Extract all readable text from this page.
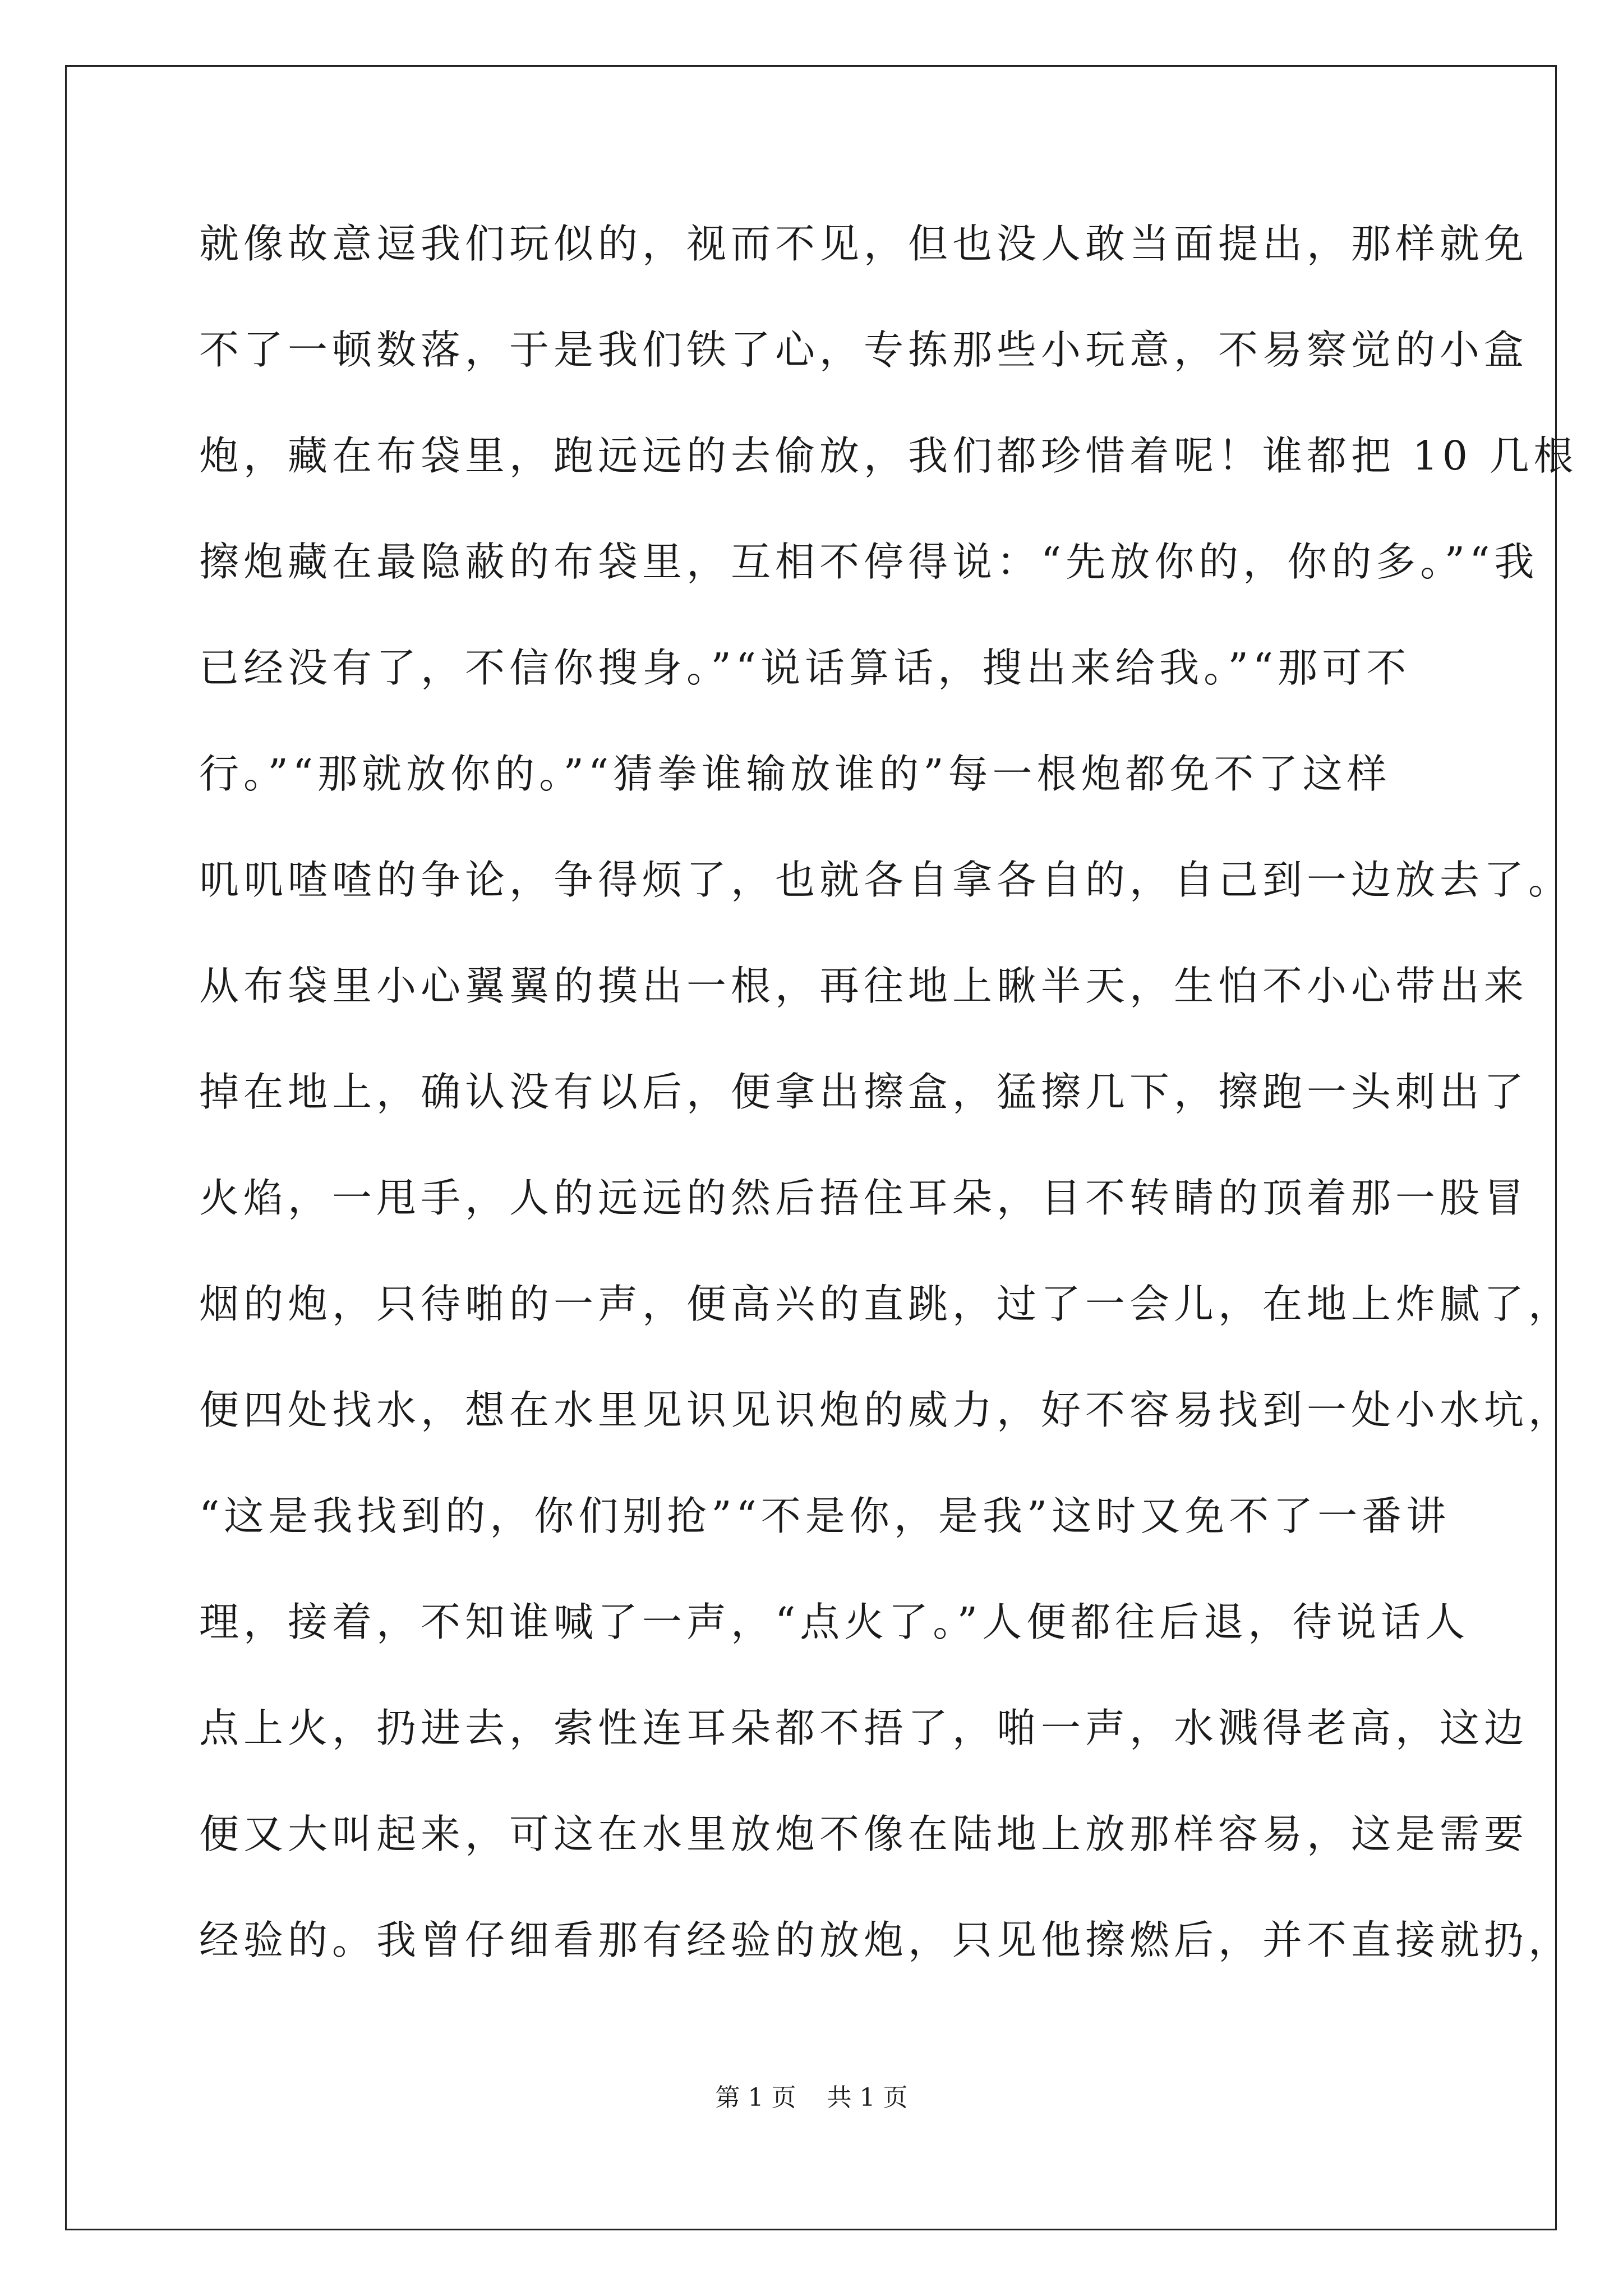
就像故意逗我们玩似的，视而不见，但也没人敢当面提出，那样就免
不了一顿数落，于是我们铁了心，专拣那些小玩意，不易察觉的小盒
炮，藏在布袋里，跑远远的去偷放，我们都珍惜着呢！谁都把 10 几根
擦炮藏在最隐蔽的布袋里，互相不停得说：“先放你的，你的多。”“我
已经没有了，不信你搜身。”“说话算话，搜出来给我。”“那可不
行。”“那就放你的。”“猜拳谁输放谁的”每一根炮都免不了这样
叽叽喳喳的争论，争得烦了，也就各自拿各自的，自己到一边放去了。
从布袋里小心翼翼的摸出一根，再往地上瞅半天，生怕不小心带出来
掉在地上，确认没有以后，便拿出擦盒，猛擦几下，擦跑一头刺出了
火焰，一甩手，人的远远的然后捂住耳朵，目不转睛的顶着那一股冒
烟的炮，只待啪的一声，便高兴的直跳，过了一会儿，在地上炸腻了，
便四处找水，想在水里见识见识炮的威力，好不容易找到一处小水坑，
“这是我找到的，你们别抢”“不是你，是我”这时又免不了一番讲
理，接着，不知谁喊了一声，“点火了。”人便都往后退，待说话人
点上火，扔进去，索性连耳朵都不捂了，啪一声，水溅得老高，这边
便又大叫起来，可这在水里放炮不像在陆地上放那样容易，这是需要
经验的。我曾仔细看那有经验的放炮，只见他擦燃后，并不直接就扔，
第 1 页 共 1 页
